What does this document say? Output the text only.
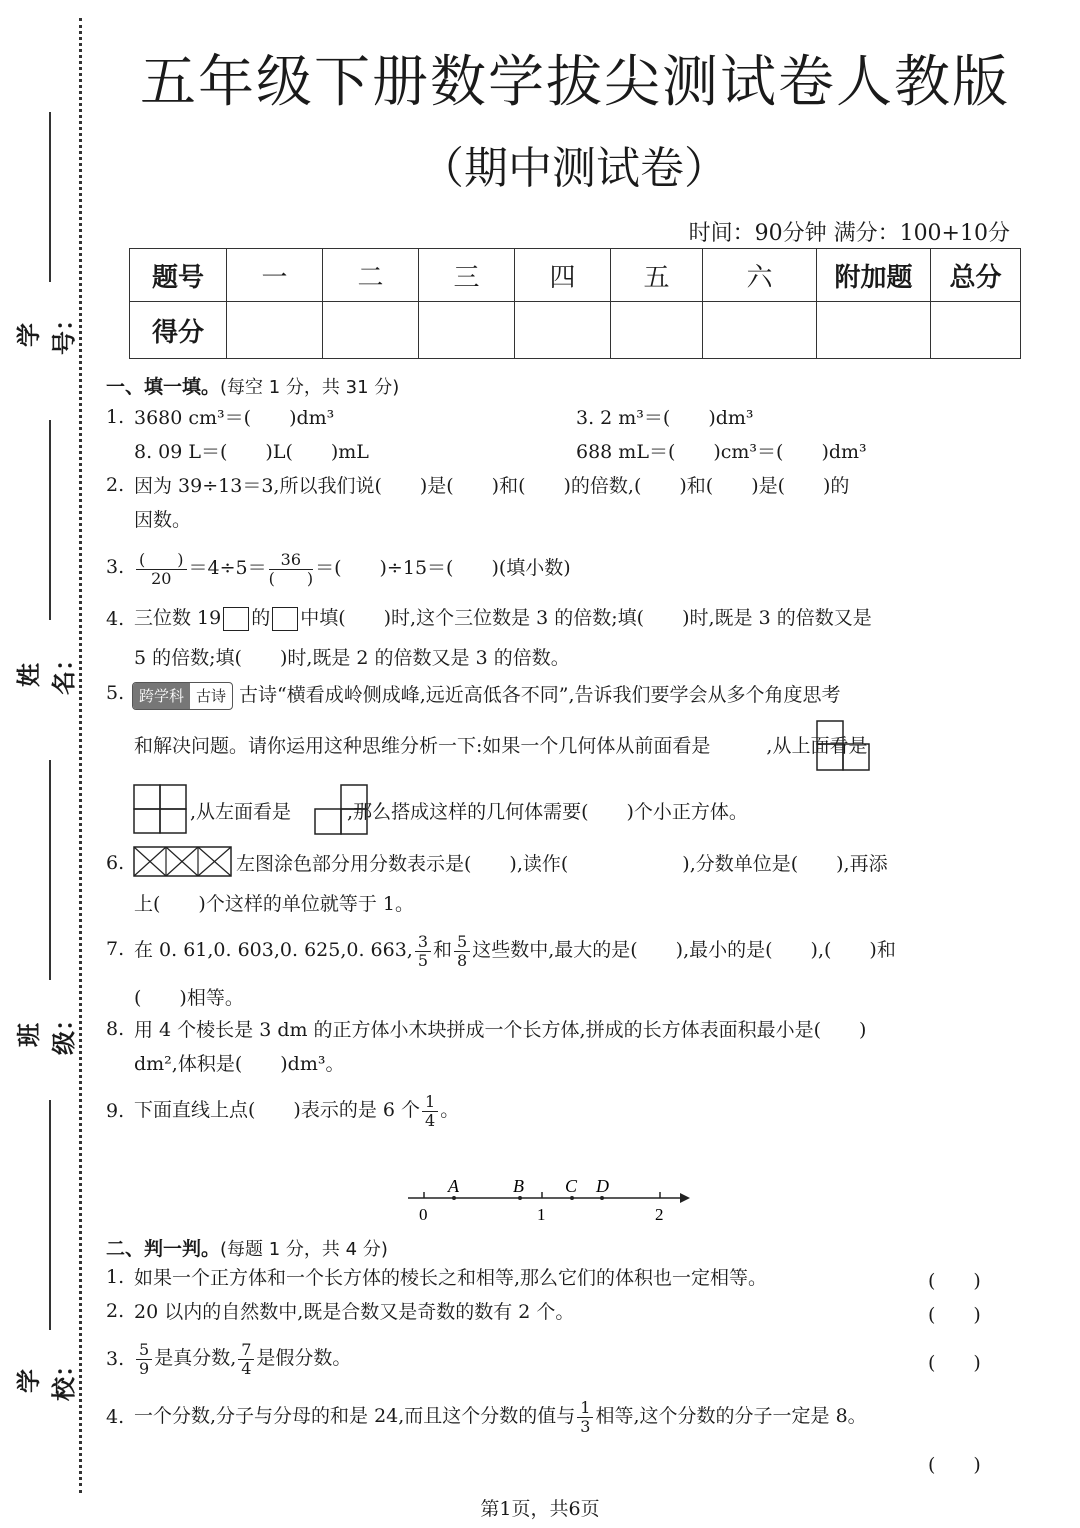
学号：
姓名：
班级：
学校：
五年级下册数学拔尖测试卷人教版
（期中测试卷）
时间：90分钟 满分：100+10分
题号	一	二	三	四	五	六	附加题	总分
得分								
一、填一填。(每空 1 分，共 31 分)
1. 3680 cm³＝(　　)dm³	3. 2 m³＝(　　)dm³
8. 09 L＝(　　)L(　　)mL	688 mL＝(　　)cm³＝(　　)dm³
2. 因为 39÷13＝3,所以我们说(　　)是(　　)和(　　)的倍数,(　　)和(　　)是(　　)的
因数。
3. $\frac{( )}{20} =4\div 5= \frac{36}{( )}$ ＝(　　)÷15＝(　　)(填小数)
4. 三位数 19 的 中填(　　)时,这个三位数是 3 的倍数;填(　　)时,既是 3 的倍数又是
5 的倍数;填(　　)时,既是 2 的倍数又是 3 的倍数。
5. 跨学科 古诗 古诗“横看成岭侧成峰,远近高低各不同”,告诉我们要学会从多个角度思考
和解决问题。请你运用这种思维分析一下:如果一个几何体从前面看是	,从上面看是
,从左面看是	,那么搭成这样的几何体需要(　　)个小正方体。
6.	左图涂色部分用分数表示是(　　),读作(　　　　　　),分数单位是(　　),再添
上(　　)个这样的单位就等于 1。
7. 在 0. 61,0. 603,0. 625,0. 663, $\frac{3}{5}$ 和 $\frac{5}{8}$ 这些数中,最大的是(　　),最小的是(　　),(　　)和
(　　)相等。
8. 用 4 个棱长是 3 dm 的正方体小木块拼成一个长方体,拼成的长方体表面积最小是(　　)
dm²,体积是(　　)dm³。
9. 下面直线上点(　　)表示的是 6 个 $\frac{1}{4}$ 。
A	B C D
0	1	2
二、判一判。(每题 1 分，共 4 分)
1. 如果一个正方体和一个长方体的棱长之和相等,那么它们的体积也一定相等。	(　　)
2. 20 以内的自然数中,既是合数又是奇数的数有 2 个。	(　　)
3. $\frac{5}{9}$ 是真分数, $\frac{7}{4}$ 是假分数。	(　　)
4. 一个分数,分子与分母的和是 24,而且这个分数的值与 $\frac{1}{3}$ 相等,这个分数的分子一定是 8。
(　　)
第1页，共6页
